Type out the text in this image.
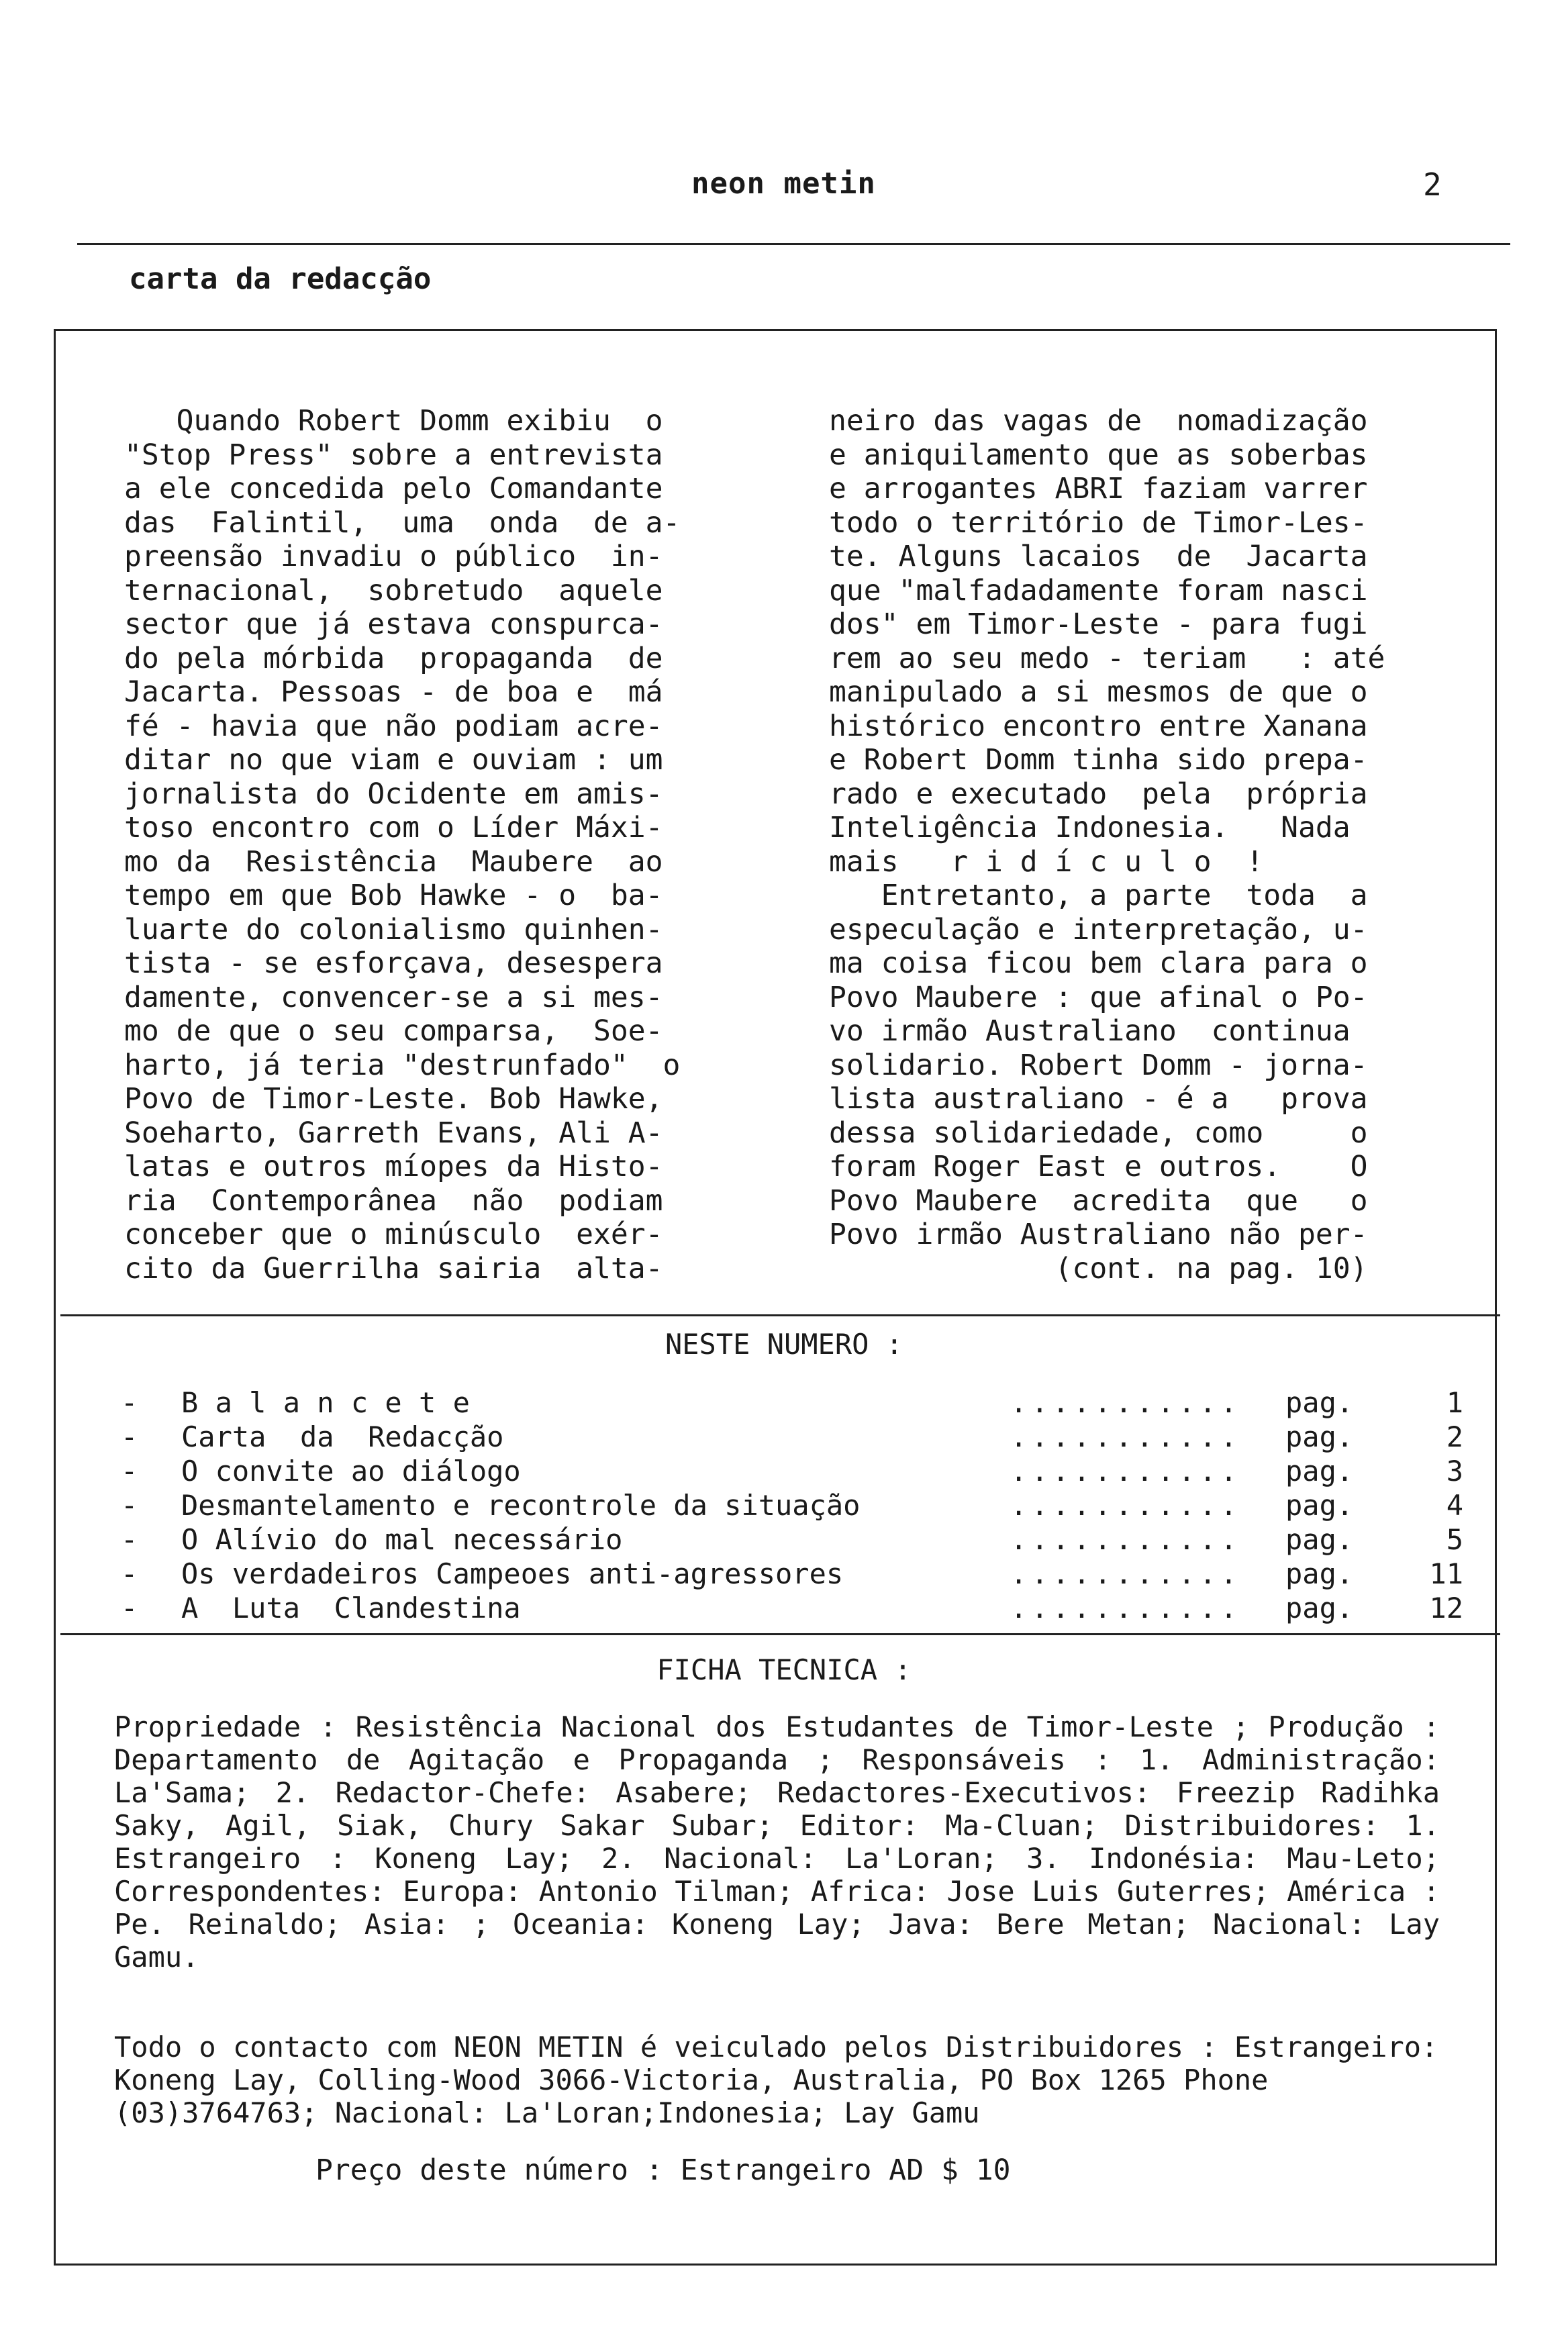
neon metin	2
carta da redacção
Quando Robert Domm exibiu  o
"Stop Press" sobre a entrevista
a ele concedida pelo Comandante
das  Falintil,  uma  onda  de a-
preensão invadiu o público  in-
ternacional,  sobretudo  aquele
sector que já estava conspurca-
do pela mórbida  propaganda  de
Jacarta. Pessoas - de boa e  má
fé - havia que não podiam acre-
ditar no que viam e ouviam : um
jornalista do Ocidente em amis-
toso encontro com o Líder Máxi-
mo da  Resistência  Maubere  ao
tempo em que Bob Hawke - o  ba-
luarte do colonialismo quinhen-
tista - se esforçava, desespera
damente, convencer-se a si mes-
mo de que o seu comparsa,  Soe-
harto, já teria "destrunfado"  o
Povo de Timor-Leste. Bob Hawke,
Soeharto, Garreth Evans, Ali A-
latas e outros míopes da Histo-
ria  Contemporânea  não  podiam
conceber que o minúsculo  exér-
cito da Guerrilha sairia  alta-
neiro das vagas de  nomadização
e aniquilamento que as soberbas
e arrogantes ABRI faziam varrer
todo o território de Timor-Les-
te. Alguns lacaios  de  Jacarta
que "malfadadamente foram nasci
dos" em Timor-Leste - para fugi
rem ao seu medo - teriam   : até
manipulado a si mesmos de que o
histórico encontro entre Xanana
e Robert Domm tinha sido prepa-
rado e executado  pela  própria
Inteligência Indonesia.   Nada
mais   r i d í c u l o  !
Entretanto, a parte  toda  a
especulação e interpretação, u-
ma coisa ficou bem clara para o
Povo Maubere : que afinal o Po-
vo irmão Australiano  continua
solidario. Robert Domm - jorna-
lista australiano - é a   prova
dessa solidariedade, como     o
foram Roger East e outros.    O
Povo Maubere  acredita  que   o
Povo irmão Australiano não per-
(cont. na pag. 10)
NESTE NUMERO :
- B a l a n c e t e	........... pag.	1
- Carta  da  Redacção	........... pag.	2
- O convite ao diálogo	........... pag.	3
- Desmantelamento e recontrole da situação	........... pag.	4
- O Alívio do mal necessário	........... pag.	5
- Os verdadeiros Campeoes anti-agressores	........... pag.	11
- A  Luta  Clandestina	........... pag.	12
FICHA TECNICA :
Propriedade : Resistência Nacional dos Estudantes de Timor-Leste ; Produção : Departamento de Agitação e Propaganda ; Responsáveis : 1. Administração: La'Sama; 2. Redactor-Chefe: Asabere; Redactores-Executivos: Freezip Radihka Saky, Agil, Siak, Chury Sakar Subar; Editor: Ma-Cluan; Distribuidores: 1. Estrangeiro : Koneng Lay; 2. Nacional: La'Loran; 3. Indonésia: Mau-Leto; Correspondentes: Europa: Antonio Tilman; Africa: Jose Luis Guterres; América : Pe. Reinaldo; Asia: ; Oceania: Koneng Lay; Java: Bere Metan; Nacional: Lay Gamu.
Todo o contacto com NEON METIN é veiculado pelos Distribuidores : Estrangeiro: Koneng Lay, Colling-Wood 3066-Victoria, Australia, PO Box 1265 Phone (03)3764763; Nacional: La'Loran;Indonesia; Lay Gamu
Preço deste número : Estrangeiro AD $ 10
